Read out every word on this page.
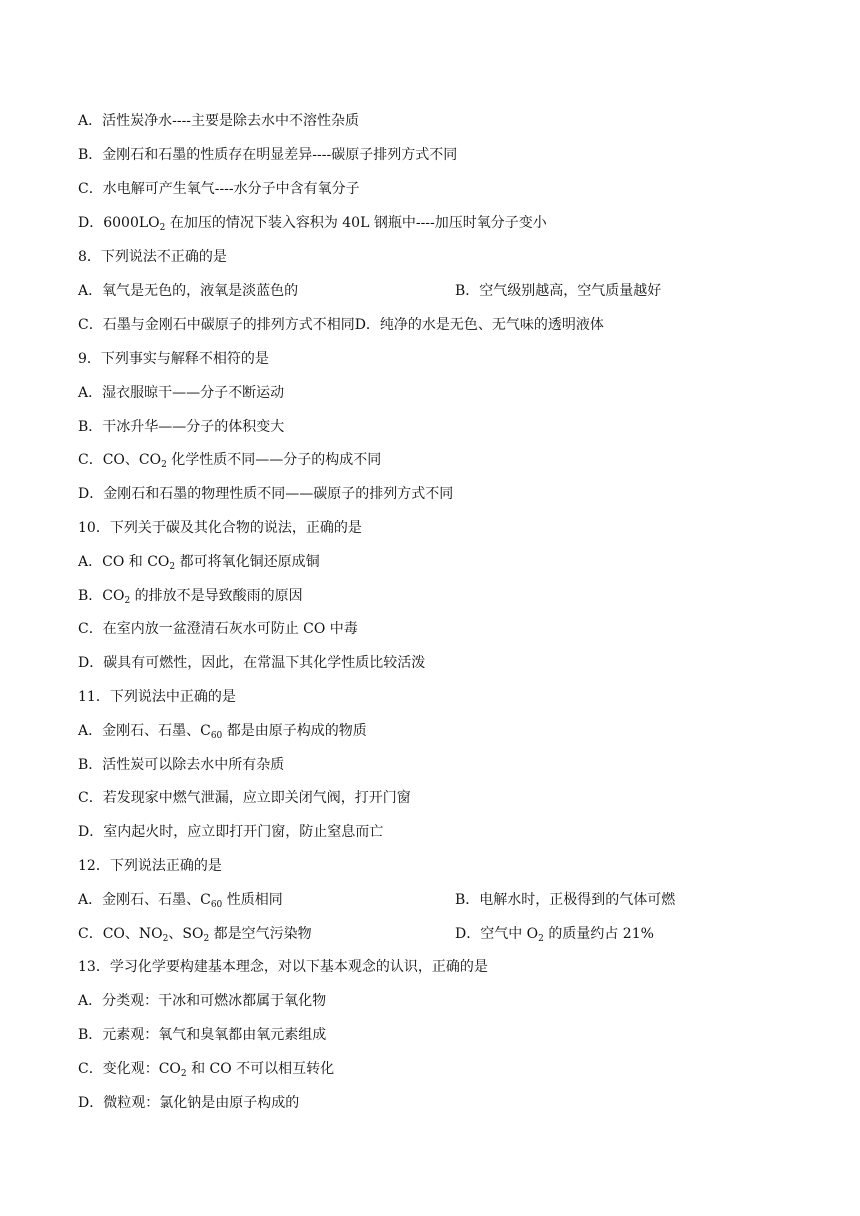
A．活性炭净水----主要是除去水中不溶性杂质
B．金刚石和石墨的性质存在明显差异----碳原子排列方式不同
C．水电解可产生氧气----水分子中含有氧分子
D．$6000LO_2$ 在加压的情况下装入容积为 40L 钢瓶中----加压时氧分子变小
8．下列说法不正确的是
A．氧气是无色的，液氧是淡蓝色的	B．空气级别越高，空气质量越好
C．石墨与金刚石中碳原子的排列方式不相同D．纯净的水是无色、无气味的透明液体
9．下列事实与解释不相符的是
A．湿衣服晾干——分子不断运动
B．干冰升华——分子的体积变大
C．CO、$CO_2$ 化学性质不同——分子的构成不同
D．金刚石和石墨的物理性质不同——碳原子的排列方式不同
10．下列关于碳及其化合物的说法，正确的是
A．CO 和 $CO_2$ 都可将氧化铜还原成铜
B．$CO_2$ 的排放不是导致酸雨的原因
C．在室内放一盆澄清石灰水可防止 CO 中毒
D．碳具有可燃性，因此，在常温下其化学性质比较活泼
11．下列说法中正确的是
A．金刚石、石墨、$C_{60}$ 都是由原子构成的物质
B．活性炭可以除去水中所有杂质
C．若发现家中燃气泄漏，应立即关闭气阀，打开门窗
D．室内起火时，应立即打开门窗，防止窒息而亡
12．下列说法正确的是
A．金刚石、石墨、$C_{60}$ 性质相同	B．电解水时，正极得到的气体可燃
C．CO、$NO_2$、$SO_2$ 都是空气污染物	D．空气中 $O_2$ 的质量约占 21%
13．学习化学要构建基本理念，对以下基本观念的认识，正确的是
A．分类观：干冰和可燃冰都属于氧化物
B．元素观：氧气和臭氧都由氧元素组成
C．变化观：$CO_2$ 和 CO 不可以相互转化
D．微粒观：氯化钠是由原子构成的
